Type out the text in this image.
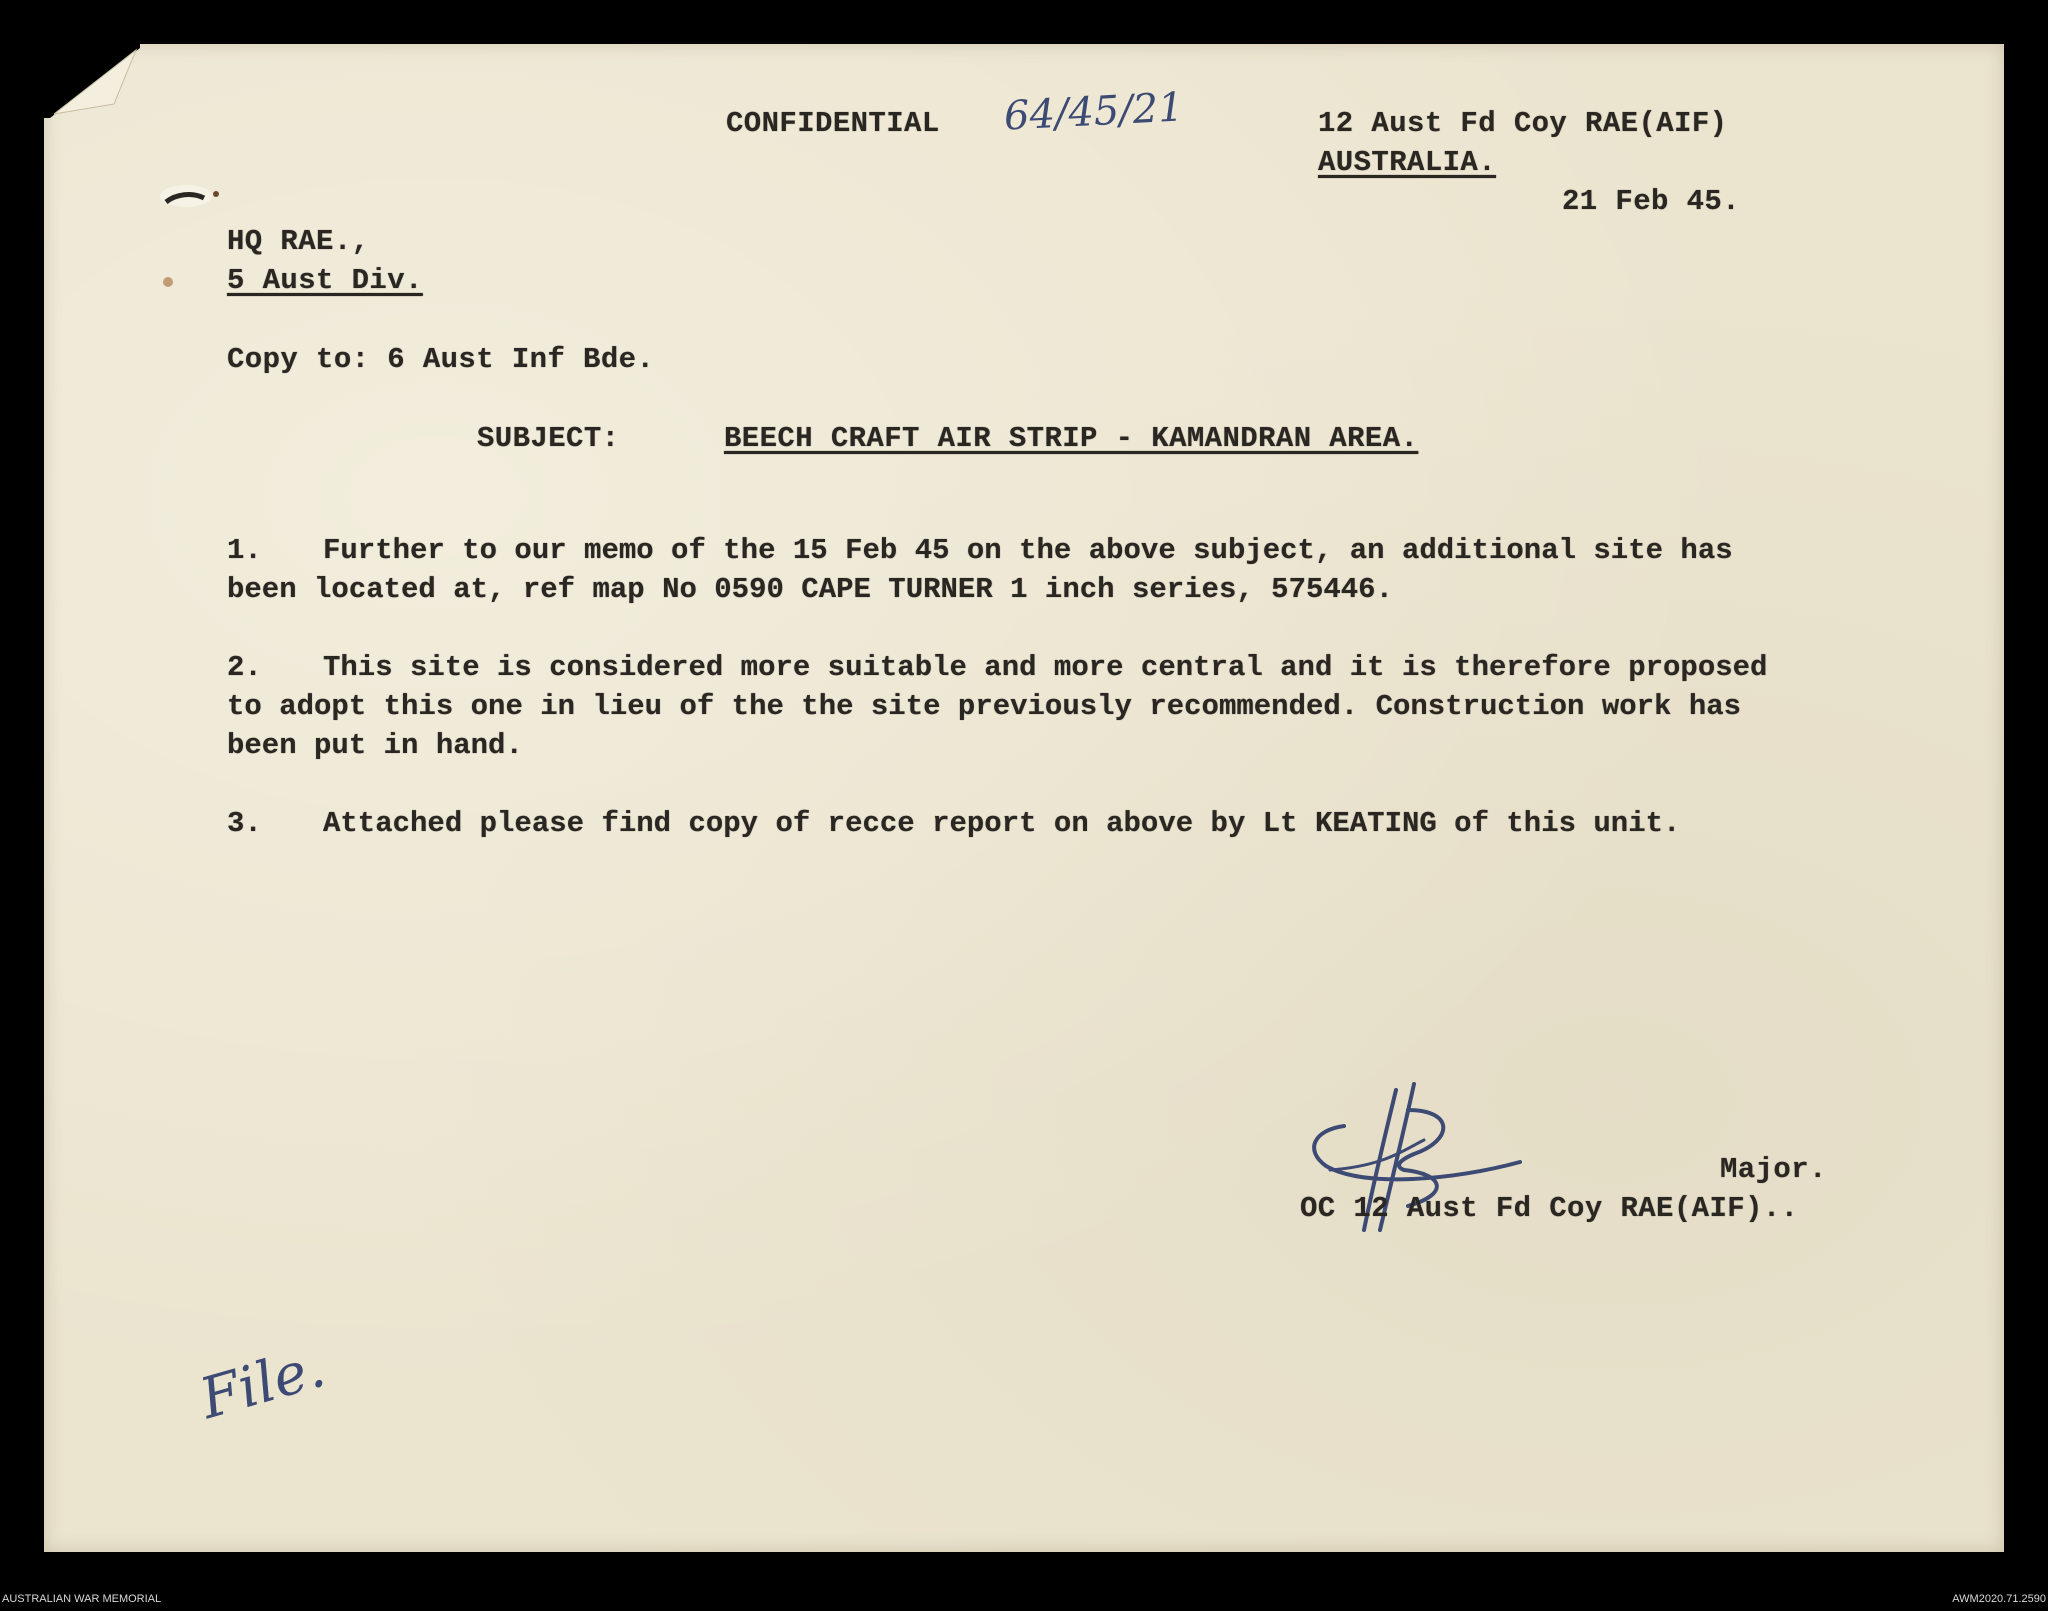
CONFIDENTIAL 64/45/21	12 Aust Fd Coy RAE(AIF)
AUSTRALIA.
21 Feb 45.
HQ RAE.,
5 Aust Div.
Copy to: 6 Aust Inf Bde.
SUBJECT:	BEECH CRAFT AIR STRIP - KAMANDRAN AREA.
1.	Further to our memo of the 15 Feb 45 on the above subject, an additional site has been located at, ref map No 0590 CAPE TURNER 1 inch series, 575446.
2.	This site is considered more suitable and more central and it is therefore proposed to adopt this one in lieu of the the site previously recommended. Construction work has been put in hand.
3.	Attached please find copy of recce report on above by Lt KEATING of this unit.
Major.
OC 12 Aust Fd Coy RAE(AIF)..
File.
AUSTRALIAN WAR MEMORIAL	AWM2020.71.2590
